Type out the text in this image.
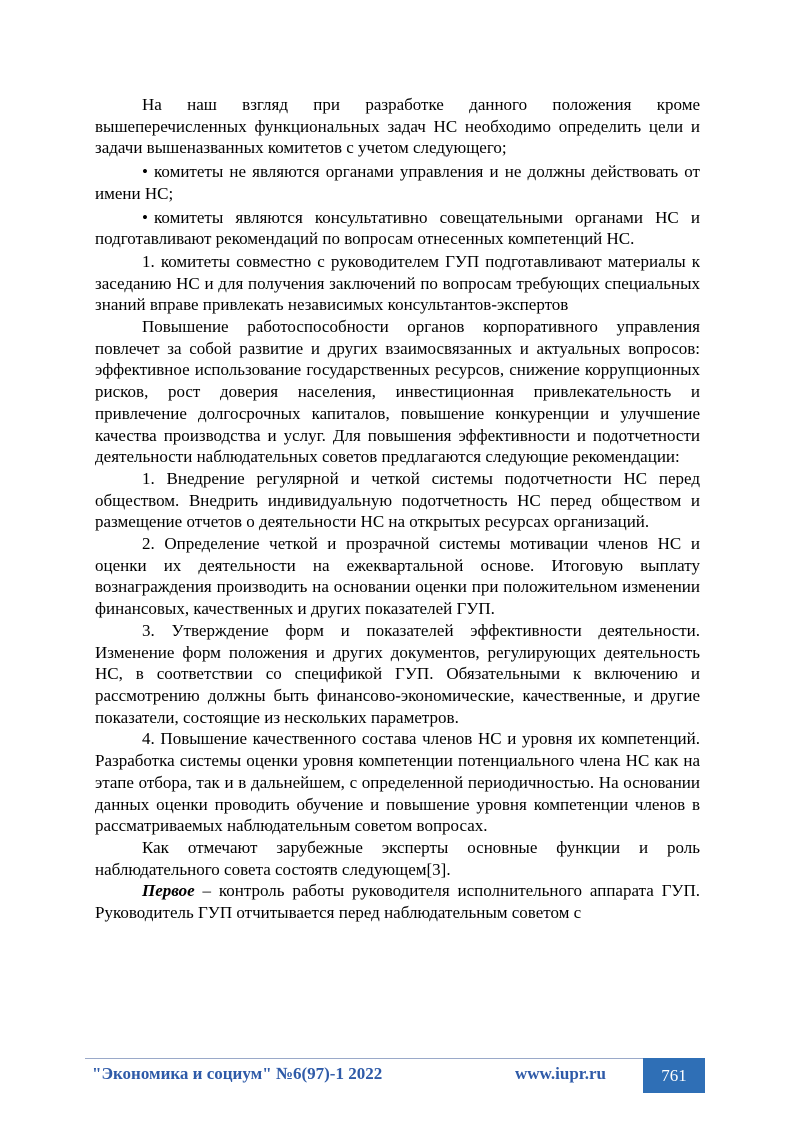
На наш взгляд при разработке данного положения кроме вышеперечисленных функциональных задач НС необходимо определить цели и задачи вышеназванных комитетов с учетом следующего;

• комитеты не являются органами управления и не должны действовать от имени НС;

• комитеты являются консультативно совещательными органами НС и подготавливают рекомендаций по вопросам отнесенных компетенций НС.

1. комитеты совместно с руководителем ГУП подготавливают материалы к заседанию НС и для получения заключений по вопросам требующих специальных знаний вправе привлекать независимых консультантов-экспертов

Повышение работоспособности органов корпоративного управления повлечет за собой развитие и других взаимосвязанных и актуальных вопросов: эффективное использование государственных ресурсов, снижение коррупционных рисков, рост доверия населения, инвестиционная привлекательность и привлечение долгосрочных капиталов, повышение конкуренции и улучшение качества производства и услуг. Для повышения эффективности и подотчетности деятельности наблюдательных советов предлагаются следующие рекомендации:

1. Внедрение регулярной и четкой системы подотчетности НС перед обществом. Внедрить индивидуальную подотчетность НС перед обществом и размещение отчетов о деятельности НС на открытых ресурсах организаций.

2. Определение четкой и прозрачной системы мотивации членов НС и оценки их деятельности на ежеквартальной основе. Итоговую выплату вознаграждения производить на основании оценки при положительном изменении финансовых, качественных и других показателей ГУП.

3. Утверждение форм и показателей эффективности деятельности. Изменение форм положения и других документов, регулирующих деятельность НС, в соответствии со спецификой ГУП. Обязательными к включению и рассмотрению должны быть финансово-экономические, качественные, и другие показатели, состоящие из нескольких параметров.

4. Повышение качественного состава членов НС и уровня их компетенций. Разработка системы оценки уровня компетенции потенциального члена НС как на этапе отбора, так и в дальнейшем, с определенной периодичностью. На основании данных оценки проводить обучение и повышение уровня компетенции членов в рассматриваемых наблюдательным советом вопросах.

Как отмечают зарубежные эксперты основные функции и роль наблюдательного совета состоятв следующем[3].

Первое – контроль работы руководителя исполнительного аппарата ГУП. Руководитель ГУП отчитывается перед наблюдательным советом с

"Экономика и социум" №6(97)-1 2022	www.iupr.ru	761
